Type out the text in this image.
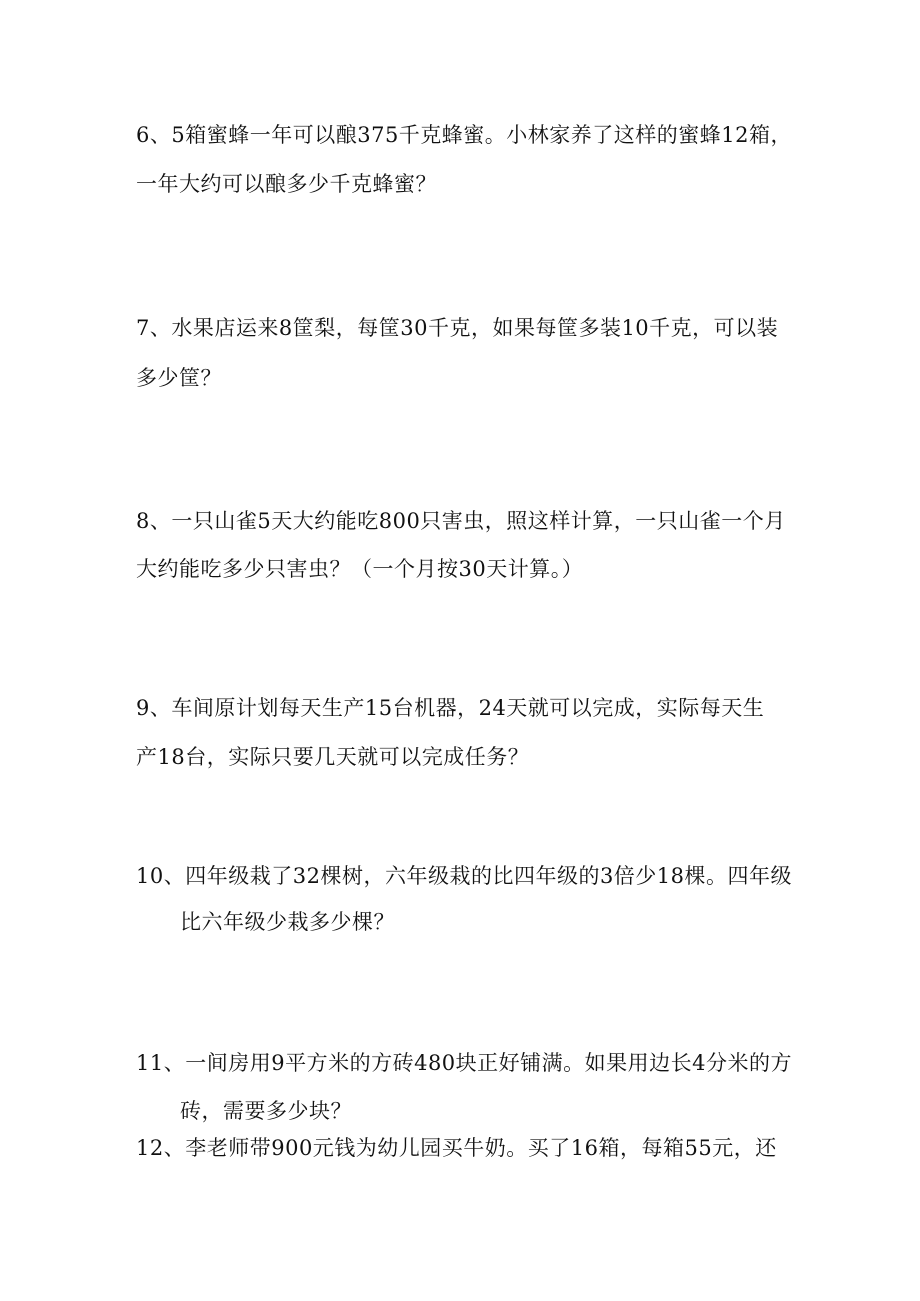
6、5箱蜜蜂一年可以酿375千克蜂蜜。小林家养了这样的蜜蜂12箱，
一年大约可以酿多少千克蜂蜜？
7、水果店运来8筐梨，每筐30千克，如果每筐多装10千克，可以装
多少筐？
8、一只山雀5天大约能吃800只害虫，照这样计算，一只山雀一个月
大约能吃多少只害虫？（一个月按30天计算。）
9、车间原计划每天生产15台机器，24天就可以完成，实际每天生
产18台，实际只要几天就可以完成任务？
10、四年级栽了32棵树，六年级栽的比四年级的3倍少18棵。四年级
比六年级少栽多少棵？
11、一间房用9平方米的方砖480块正好铺满。如果用边长4分米的方
砖，需要多少块？
12、李老师带900元钱为幼儿园买牛奶。买了16箱，每箱55元，还
